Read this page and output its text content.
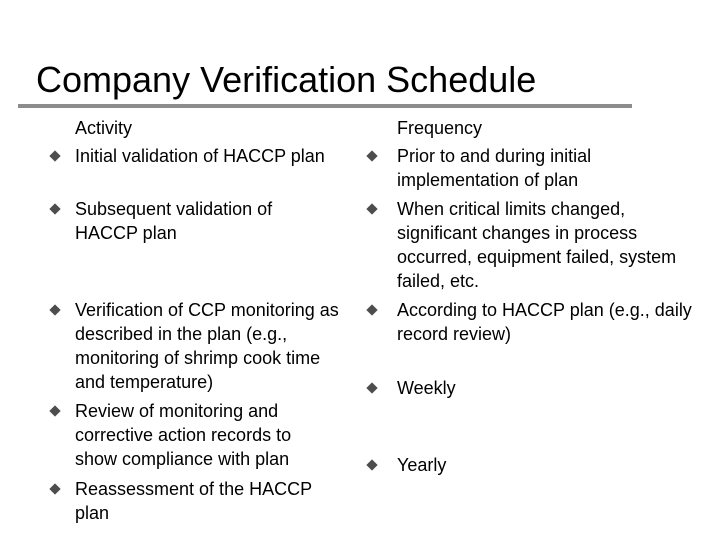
Company Verification Schedule
Activity	Frequency
Initial validation of HACCP plan
Subsequent validation of HACCP plan
Verification of CCP monitoring as described in the plan (e.g., monitoring of shrimp cook time and temperature)
Review of monitoring and corrective action records to show compliance with plan
Reassessment of the HACCP plan
Prior to and during initial implementation of plan
When critical limits changed, significant changes in process occurred, equipment failed, system failed, etc.
According to HACCP plan (e.g., daily record review)
Weekly
Yearly
